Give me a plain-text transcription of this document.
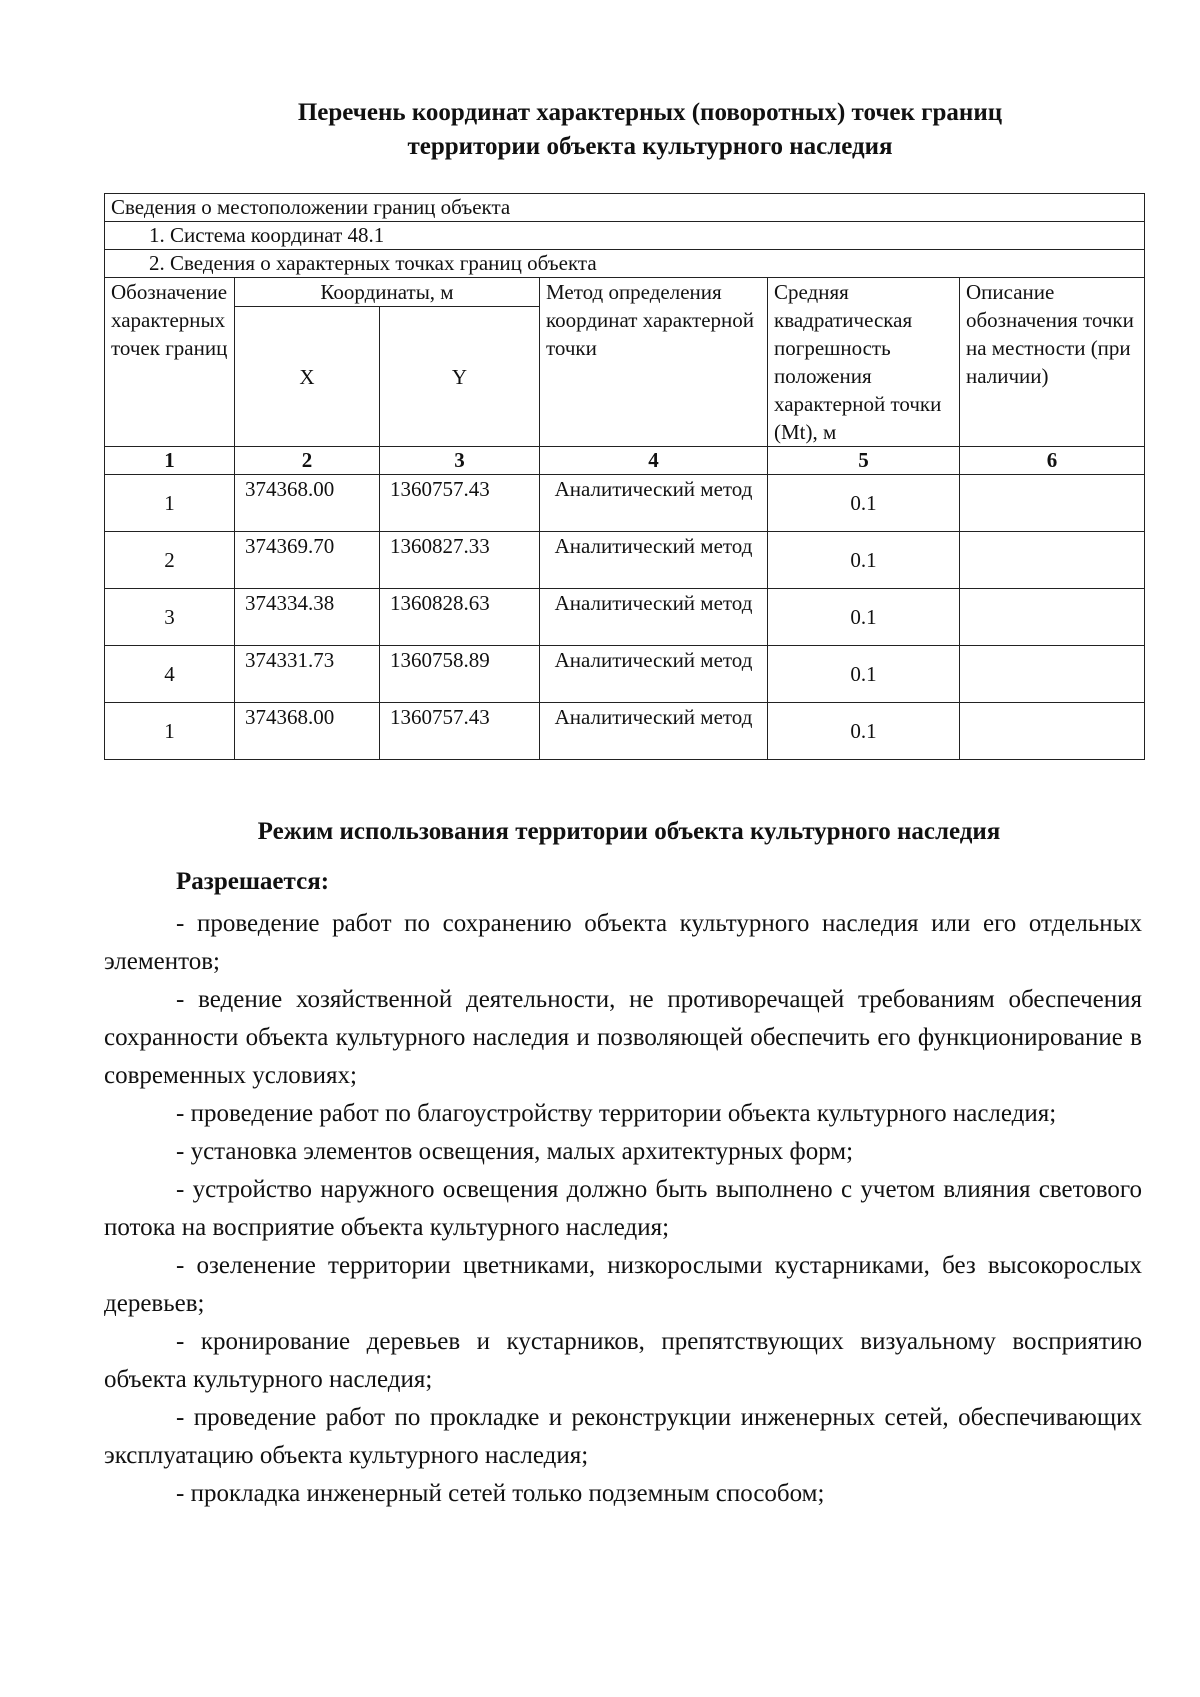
Перечень координат характерных (поворотных) точек границ
территории объекта культурного наследия
Сведения о местоположении границ объекта					
1. Система координат 48.1					
2. Сведения о характерных точках границ объекта					
Обозначение характерных точек границ	Координаты, м		Метод определения координат характерной точки	Средняя квадратическая погрешность положения характерной точки (Mt), м	Описание обозначения точки на местности (при наличии)
	X	Y			
1	2	3	4	5	6
1	374368.00	1360757.43	Аналитический метод	0.1	
2	374369.70	1360827.33	Аналитический метод	0.1	
3	374334.38	1360828.63	Аналитический метод	0.1	
4	374331.73	1360758.89	Аналитический метод	0.1	
1	374368.00	1360757.43	Аналитический метод	0.1	
Режим использования территории объекта культурного наследия
Разрешается:

- проведение работ по сохранению объекта культурного наследия или его отдельных элементов;

- ведение хозяйственной деятельности, не противоречащей требованиям обеспечения сохранности объекта культурного наследия и позволяющей обеспечить его функционирование в современных условиях;

- проведение работ по благоустройству территории объекта культурного наследия;

- установка элементов освещения, малых архитектурных форм;

- устройство наружного освещения должно быть выполнено с учетом влияния светового потока на восприятие объекта культурного наследия;

- озеленение территории цветниками, низкорослыми кустарниками, без высокорослых деревьев;

- кронирование деревьев и кустарников, препятствующих визуальному восприятию объекта культурного наследия;

- проведение работ по прокладке и реконструкции инженерных сетей, обеспечивающих эксплуатацию объекта культурного наследия;

- прокладка инженерный сетей только подземным способом;
